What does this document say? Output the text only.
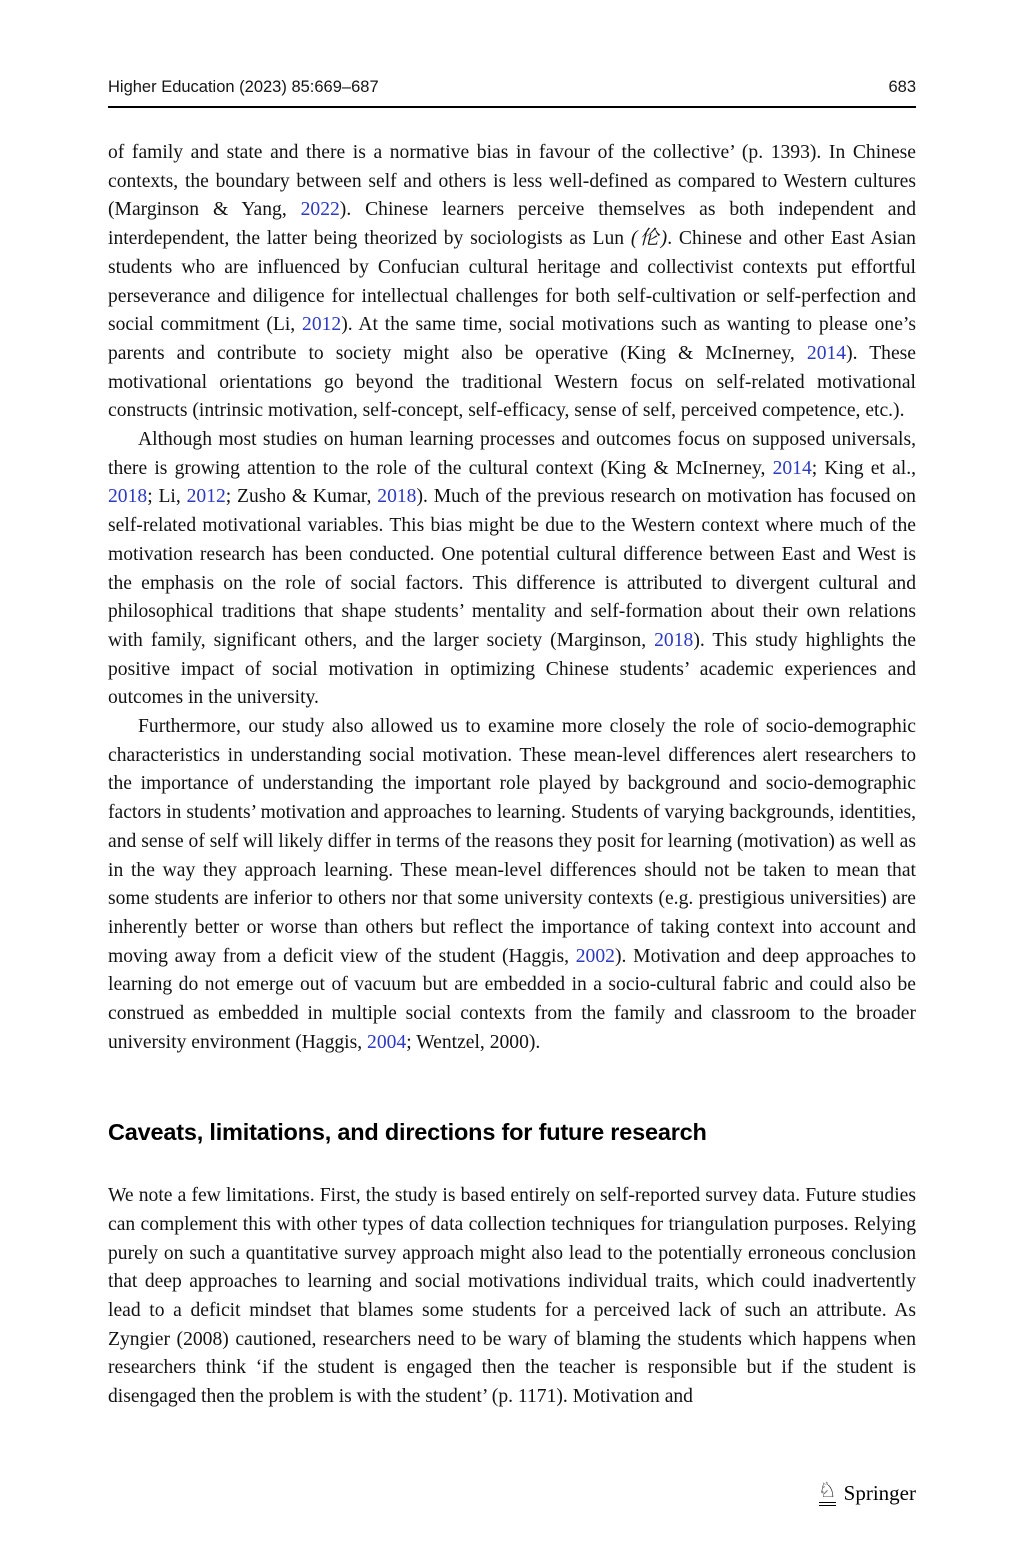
Higher Education (2023) 85:669–687	683

of family and state and there is a normative bias in favour of the collective’ (p. 1393). In Chinese contexts, the boundary between self and others is less well-defined as compared to Western cultures (Marginson & Yang, 2022). Chinese learners perceive themselves as both independent and interdependent, the latter being theorized by sociologists as Lun (伦). Chinese and other East Asian students who are influenced by Confucian cultural heritage and collectivist contexts put effortful perseverance and diligence for intellectual challenges for both self-cultivation or self-perfection and social commitment (Li, 2012). At the same time, social motivations such as wanting to please one’s parents and contribute to society might also be operative (King & McInerney, 2014). These motivational orientations go beyond the traditional Western focus on self-related motivational constructs (intrinsic motivation, self-concept, self-efficacy, sense of self, perceived competence, etc.).

Although most studies on human learning processes and outcomes focus on supposed universals, there is growing attention to the role of the cultural context (King & McInerney, 2014; King et al., 2018; Li, 2012; Zusho & Kumar, 2018). Much of the previous research on motivation has focused on self-related motivational variables. This bias might be due to the Western context where much of the motivation research has been conducted. One potential cultural difference between East and West is the emphasis on the role of social factors. This difference is attributed to divergent cultural and philosophical traditions that shape students’ mentality and self-formation about their own relations with family, significant others, and the larger society (Marginson, 2018). This study highlights the positive impact of social motivation in optimizing Chinese students’ academic experiences and outcomes in the university.

Furthermore, our study also allowed us to examine more closely the role of socio-demographic characteristics in understanding social motivation. These mean-level differences alert researchers to the importance of understanding the important role played by background and socio-demographic factors in students’ motivation and approaches to learning. Students of varying backgrounds, identities, and sense of self will likely differ in terms of the reasons they posit for learning (motivation) as well as in the way they approach learning. These mean-level differences should not be taken to mean that some students are inferior to others nor that some university contexts (e.g. prestigious universities) are inherently better or worse than others but reflect the importance of taking context into account and moving away from a deficit view of the student (Haggis, 2002). Motivation and deep approaches to learning do not emerge out of vacuum but are embedded in a socio-cultural fabric and could also be construed as embedded in multiple social contexts from the family and classroom to the broader university environment (Haggis, 2004; Wentzel, 2000).

Caveats, limitations, and directions for future research

We note a few limitations. First, the study is based entirely on self-reported survey data. Future studies can complement this with other types of data collection techniques for triangulation purposes. Relying purely on such a quantitative survey approach might also lead to the potentially erroneous conclusion that deep approaches to learning and social motivations individual traits, which could inadvertently lead to a deficit mindset that blames some students for a perceived lack of such an attribute. As Zyngier (2008) cautioned, researchers need to be wary of blaming the students which happens when researchers think ‘if the student is engaged then the teacher is responsible but if the student is disengaged then the problem is with the student’ (p. 1171). Motivation and

♘ Springer
